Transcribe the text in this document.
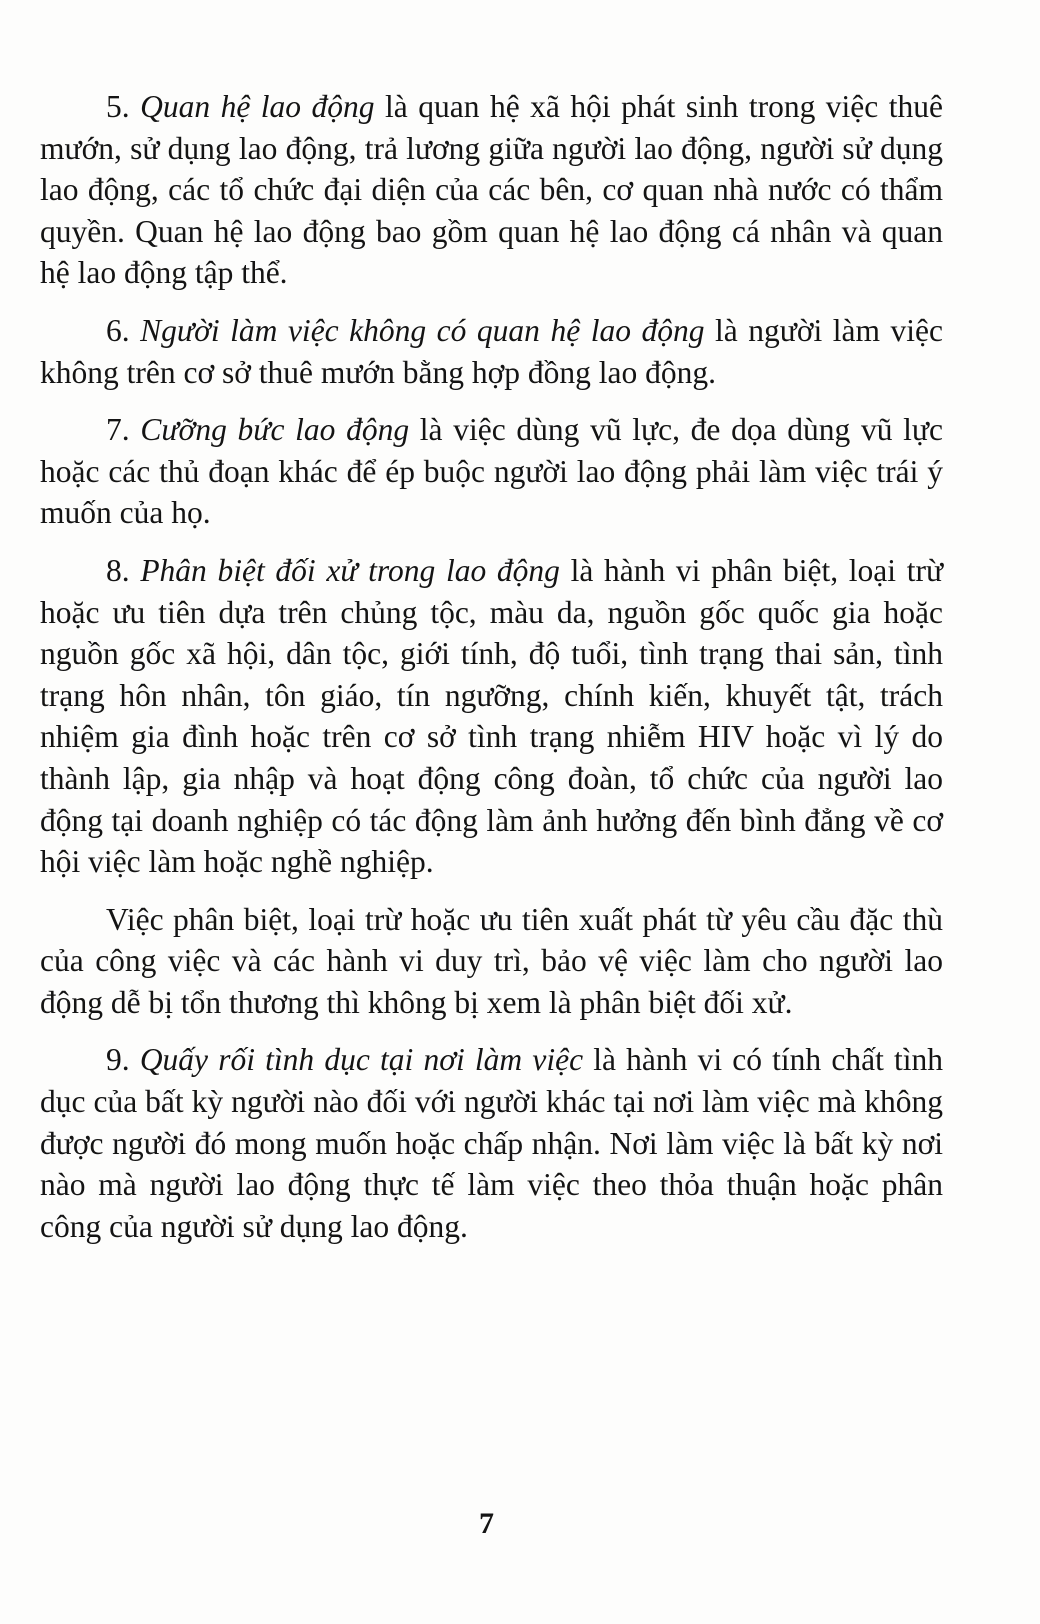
5. Quan hệ lao động là quan hệ xã hội phát sinh trong việc thuê mướn, sử dụng lao động, trả lương giữa người lao động, người sử dụng lao động, các tổ chức đại diện của các bên, cơ quan nhà nước có thẩm quyền. Quan hệ lao động bao gồm quan hệ lao động cá nhân và quan hệ lao động tập thể.

6. Người làm việc không có quan hệ lao động là người làm việc không trên cơ sở thuê mướn bằng hợp đồng lao động.

7. Cưỡng bức lao động là việc dùng vũ lực, đe dọa dùng vũ lực hoặc các thủ đoạn khác để ép buộc người lao động phải làm việc trái ý muốn của họ.

8. Phân biệt đối xử trong lao động là hành vi phân biệt, loại trừ hoặc ưu tiên dựa trên chủng tộc, màu da, nguồn gốc quốc gia hoặc nguồn gốc xã hội, dân tộc, giới tính, độ tuổi, tình trạng thai sản, tình trạng hôn nhân, tôn giáo, tín ngưỡng, chính kiến, khuyết tật, trách nhiệm gia đình hoặc trên cơ sở tình trạng nhiễm HIV hoặc vì lý do thành lập, gia nhập và hoạt động công đoàn, tổ chức của người lao động tại doanh nghiệp có tác động làm ảnh hưởng đến bình đẳng về cơ hội việc làm hoặc nghề nghiệp.

Việc phân biệt, loại trừ hoặc ưu tiên xuất phát từ yêu cầu đặc thù của công việc và các hành vi duy trì, bảo vệ việc làm cho người lao động dễ bị tổn thương thì không bị xem là phân biệt đối xử.

9. Quấy rối tình dục tại nơi làm việc là hành vi có tính chất tình dục của bất kỳ người nào đối với người khác tại nơi làm việc mà không được người đó mong muốn hoặc chấp nhận. Nơi làm việc là bất kỳ nơi nào mà người lao động thực tế làm việc theo thỏa thuận hoặc phân công của người sử dụng lao động.

7
